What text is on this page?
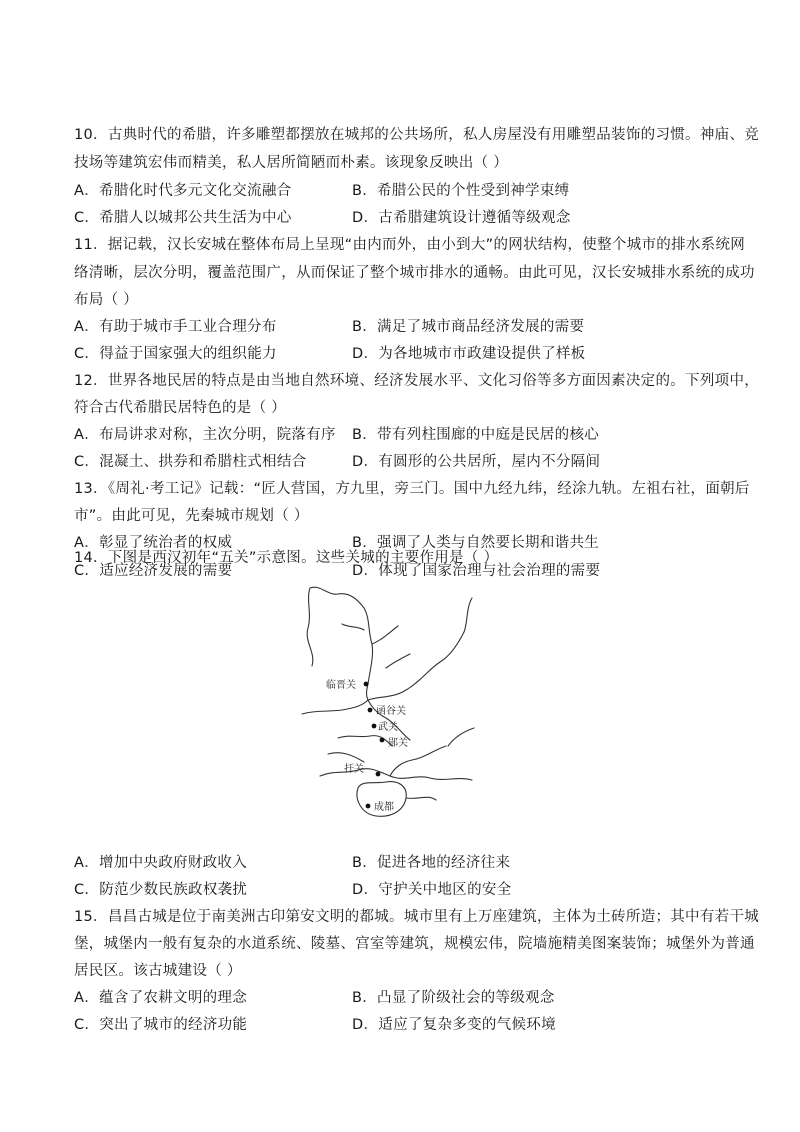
10．古典时代的希腊，许多雕塑都摆放在城邦的公共场所，私人房屋没有用雕塑品装饰的习惯。神庙、竞
技场等建筑宏伟而精美，私人居所简陋而朴素。该现象反映出（ ）
A．希腊化时代多元文化交流融合	B．希腊公民的个性受到神学束缚
C．希腊人以城邦公共生活为中心	D．古希腊建筑设计遵循等级观念
11．据记载，汉长安城在整体布局上呈现“由内而外，由小到大”的网状结构，使整个城市的排水系统网
络清晰，层次分明，覆盖范围广，从而保证了整个城市排水的通畅。由此可见，汉长安城排水系统的成功
布局（ ）
A．有助于城市手工业合理分布	B．满足了城市商品经济发展的需要
C．得益于国家强大的组织能力	D．为各地城市市政建设提供了样板
12．世界各地民居的特点是由当地自然环境、经济发展水平、文化习俗等多方面因素决定的。下列项中，
符合古代希腊民居特色的是（ ）
A．布局讲求对称，主次分明，院落有序 B．带有列柱围廊的中庭是民居的核心
C．混凝土、拱券和希腊柱式相结合	D．有圆形的公共居所，屋内不分隔间
13．《周礼·考工记》记载：“匠人营国，方九里，旁三门。国中九经九纬，经涂九轨。左祖右社，面朝后
市”。由此可见，先秦城市规划（ ）
A．彰显了统治者的权威	B．强调了人类与自然要长期和谐共生
C．适应经济发展的需要	D．体现了国家治理与社会治理的需要
14．下图是西汉初年“五关”示意图。这些关城的主要作用是（ ）
临晋关
函谷关
武关
郧关
扞关
成都
A．增加中央政府财政收入	B．促进各地的经济往来
C．防范少数民族政权袭扰	D．守护关中地区的安全
15．昌昌古城是位于南美洲古印第安文明的都城。城市里有上万座建筑，主体为土砖所造；其中有若干城
堡，城堡内一般有复杂的水道系统、陵墓、宫室等建筑，规模宏伟，院墙施精美图案装饰；城堡外为普通
居民区。该古城建设（ ）
A．蕴含了农耕文明的理念	B．凸显了阶级社会的等级观念
C．突出了城市的经济功能	D．适应了复杂多变的气候环境
